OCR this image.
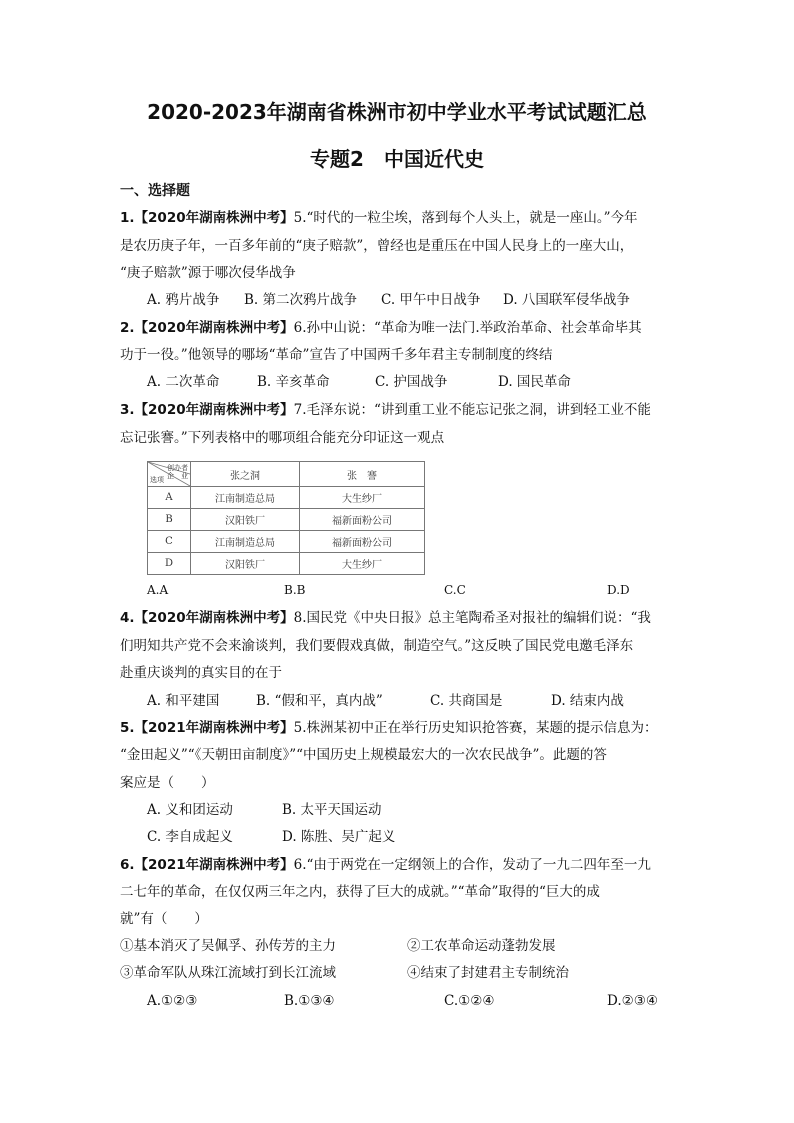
2020-2023年湖南省株洲市初中学业水平考试试题汇总
专题2　中国近代史
一、选择题
1.【2020年湖南株洲中考】5.“时代的一粒尘埃，落到每个人头上，就是一座山。”今年
是农历庚子年，一百多年前的“庚子赔款”，曾经也是重压在中国人民身上的一座大山，
“庚子赔款”源于哪次侵华战争
A. 鸦片战争 B. 第二次鸦片战争 C. 甲午中日战争 D. 八国联军侵华战争
2.【2020年湖南株洲中考】6.孙中山说：“革命为唯一法门.举政治革命、社会革命毕其
功于一役。”他领导的哪场“革命”宣告了中国两千多年君主专制制度的终结
A. 二次革命	B. 辛亥革命	C. 护国战争	D. 国民革命
3.【2020年湖南株洲中考】7.毛泽东说：“讲到重工业不能忘记张之洞，讲到轻工业不能
忘记张謇。”下列表格中的哪项组合能充分印证这一观点
创办者
企　业
选项	张之洞	张　謇
A	江南制造总局	大生纱厂
B	汉阳铁厂	福新面粉公司
C	江南制造总局	福新面粉公司
D	汉阳铁厂	大生纱厂
A.A	B.B	C.C	D.D
4.【2020年湖南株洲中考】8.国民党《中央日报》总主笔陶希圣对报社的编辑们说：“我
们明知共产党不会来渝谈判，我们要假戏真做，制造空气。”这反映了国民党电邀毛泽东
赴重庆谈判的真实目的在于
A. 和平建国	B. “假和平，真内战”	C. 共商国是	D. 结束内战
5.【2021年湖南株洲中考】5.株洲某初中正在举行历史知识抢答赛，某题的提示信息为：
“金田起义”“《天朝田亩制度》”“中国历史上规模最宏大的一次农民战争”。此题的答
案应是（　　）
A. 义和团运动	B. 太平天国运动
C. 李自成起义	D. 陈胜、吴广起义
6.【2021年湖南株洲中考】6.“由于两党在一定纲领上的合作，发动了一九二四年至一九
二七年的革命，在仅仅两三年之内，获得了巨大的成就。”“革命”取得的“巨大的成
就”有（　　）
①基本消灭了吴佩孚、孙传芳的主力	②工农革命运动蓬勃发展
③革命军队从珠江流域打到长江流域	④结束了封建君主专制统治
A.①②③	B.①③④	C.①②④	D.②③④
